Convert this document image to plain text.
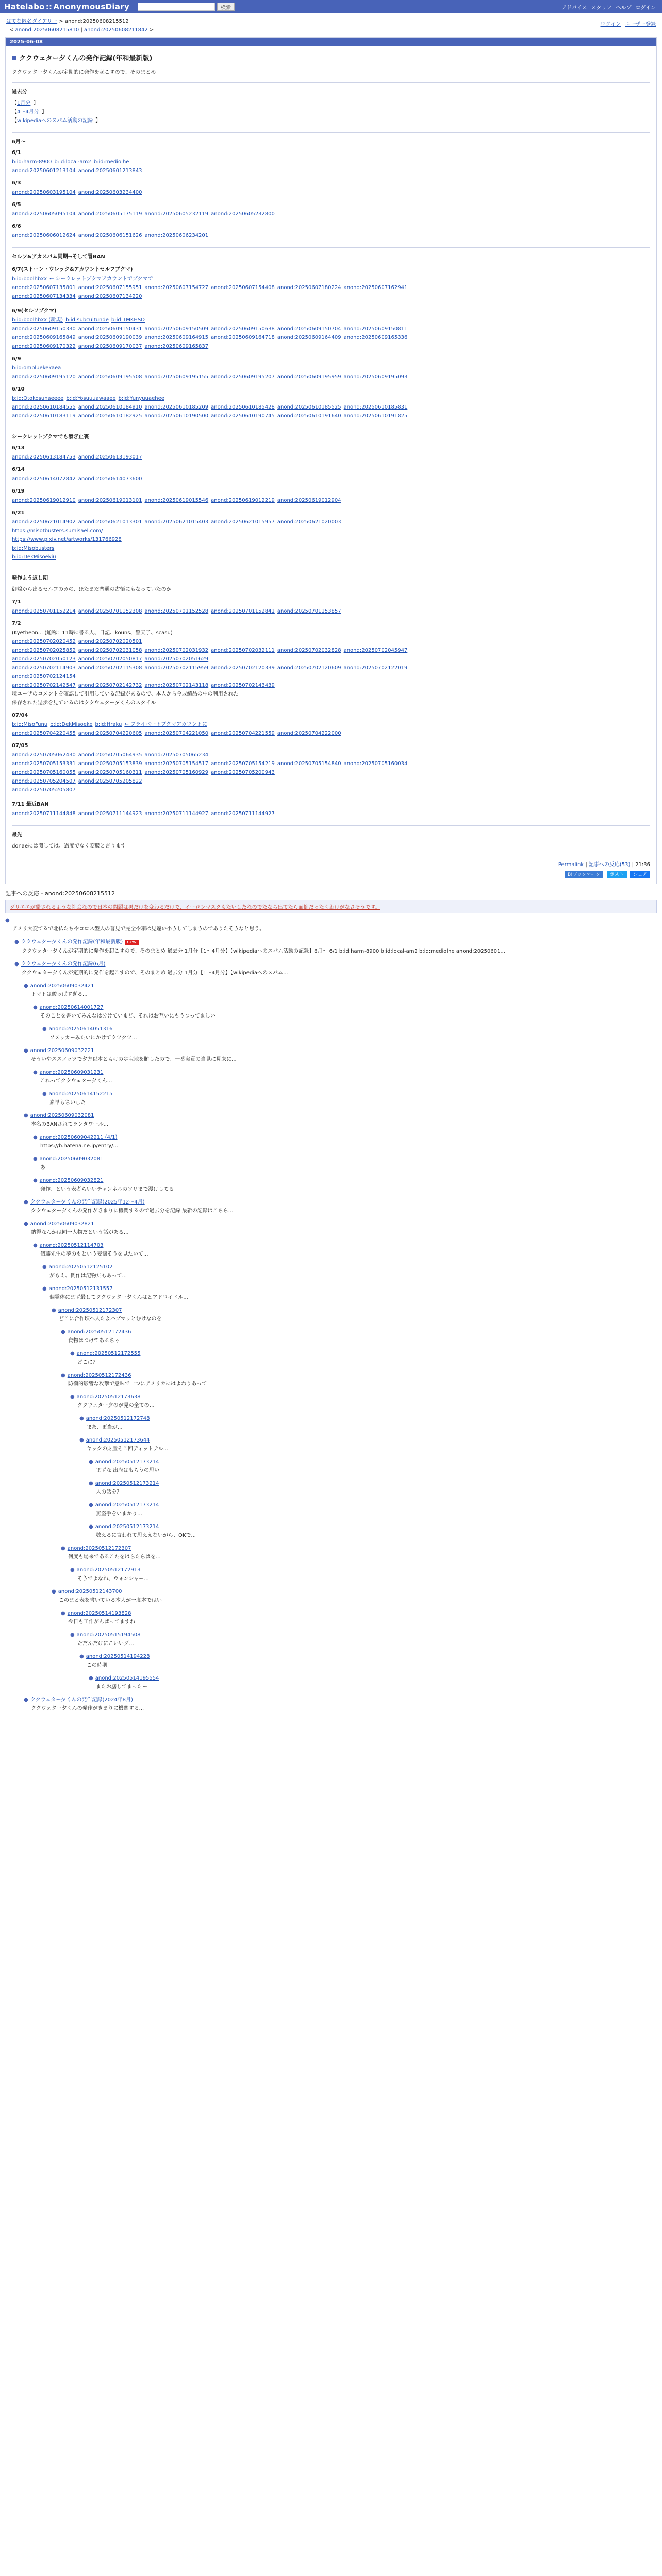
Hatelabo :: AnonymousDiary	検索	アドバイス スタッフ ヘルプ ログイン
ログイン ユーザー登録
はてな匿名ダイアリー > anond:20250608215512
< anond:20250608215810 | anond:20250608211842 >
2025-06-08
ククウェター夕くんの発作記録(年和最新版)
ククウェター夕くんが定期的に発作を起こすので、そのまとめ
過去分
【1月分 】
【4〜4月分 】
【wikipediaへのスパム活動の記録 】
6月〜
6/1
b:id:harm-8900 b:id:local-am2 b:id:mediolhe
anond:20250601213104 anond:20250601213843
6/3
anond:20250603195104 anond:20250603234400
6/5
anond:20250605095104 anond:20250605175119 anond:20250605232119 anond:20250605232800
6/6
anond:20250606012624 anond:20250606151626 anond:20250606234201
セルフ&アカスパム同期→そして冒BAN
6/7(ストーン・ウレック&アカウントセルフブクマ)
b:id:boolhbxx ← シークレットブクマアカウントでブクマで
anond:20250607135801 anond:20250607155951 anond:20250607154727 anond:20250607154408 anond:20250607180224 anond:20250607162941
anond:20250607134334 anond:20250607134220
6/9(セルフブクマ)
b:id:boolhbxx (新規) b:id:subcultunde b:id:TMKHSD
anond:20250609150330 anond:20250609150431 anond:20250609150509 anond:20250609150638 anond:20250609150704 anond:20250609150811
anond:20250609165849 anond:20250609190039 anond:20250609164915 anond:20250609164718 anond:20250609164409 anond:20250609165336
anond:20250609170322 anond:20250609170037 anond:20250609165837
6/9
b:id:ombluekekaea
anond:20250609195120 anond:20250609195508 anond:20250609195155 anond:20250609195207 anond:20250609195959 anond:20250609195093
6/10
b:id:Otokosunaeeee b:id:Yosuuuawaaee b:id:Yunyuuaehee
anond:20250610184555 anond:20250610184910 anond:20250610185209 anond:20250610185428 anond:20250610185525 anond:20250610185831
anond:20250610183119 anond:20250610182925 anond:20250610190500 anond:20250610190745 anond:20250610191640 anond:20250610191825
シークレットブクマでも滑ぎ止裏
6/13
anond:20250613184753 anond:20250613193017
6/14
anond:20250614072842 anond:20250614073600
6/19
anond:20250619012910 anond:20250619013101 anond:20250619015546 anond:20250619012219 anond:20250619012904
6/21
anond:20250621014902 anond:20250621013301 anond:20250621015403 anond:20250621015957 anond:20250621020003
https://misotbusters.sumisael.com/
https://www.pixiv.net/artworks/131766928
b:id:Misobusters
b:id:DekMisoekiu
発作よう返し期
御嬢から出るセルフのカの、ほたまだ普通の古悟にもなっていたのか
7/1
anond:20250701152214 anond:20250701152308 anond:20250701152528 anond:20250701152841 anond:20250701153857
7/2
(Kyetheon... (通称：11時に書る人、日記、kouns、警天子、scasu)
anond:20250702020452 anond:20250702020501
anond:20250702025852 anond:20250702031058 anond:20250702031932 anond:20250702032111 anond:20250702032828 anond:20250702045947
anond:20250702050123 anond:20250702050817 anond:20250702051629
anond:20250702114903 anond:20250702115308 anond:20250702115959 anond:20250702120339 anond:20250702120609 anond:20250702122019
anond:20250702124154
anond:20250702142547 anond:20250702142732 anond:20250702143118 anond:20250702143439
境ユーザのコメントを確認して引用している記録があるので、本人から今成績品の中の利用された
保存された退歩を見ているのはククウェター夕くんのスタイル
07/04
b:id:MisoFunu b:id:DekMisoeke b:id:Hraku ← ブライベートブクマアカウントに
anond:20250704220455 anond:20250704220605 anond:20250704221050 anond:20250704221559 anond:20250704222000
07/05
anond:20250705062430 anond:20250705064935 anond:20250705065234
anond:20250705153331 anond:20250705153839 anond:20250705154517 anond:20250705154219 anond:20250705154840 anond:20250705160034
anond:20250705160055 anond:20250705160311 anond:20250705160929 anond:20250705200943
anond:20250705204507 anond:20250705205822
anond:20250705205807
7/11 最近BAN
anond:20250711144848 anond:20250711144923 anond:20250711144927 anond:20250711144927
最先
donaeには関しては、過度でなく変腰と言ります
Permalink | 記事への反応(53) | 21:36
B!ブックマーク ポスト シェア
記事への反応 - anond:20250608215512
ダリエエが酷されるような社会なので日本の問題は男だけを変わるだけで、イーロンマスクもたいしたなのでたなら出てたら面倒だったくわけがなさそうです。
●
アメリ大変てるで北仏たちやコロス型人の普見で完全や箱は見違い小うしてしまうのでありたそうなと思う。
● ククウェター夕くんの発作記録(年和最新版) new
ククウェター夕くんが定期的に発作を起こすので、そのまとめ 過去分 1月分【1〜4月分】【wikipediaへのスパム活動の記録】6月〜 6/1 b:id:harm-8900 b:id:local-am2 b:id:mediolhe anond:20250601...
● ククウェター夕くんの発作記録(6月)
ククウェター夕くんが定期的に発作を起こすので、そのまとめ 過去分 1月分【1〜4月分】【wikipediaへのスパム...
● anond:20250609032421
トマトは酸っぱすぎる...
● anond:20250614001727
そのことを書いてみんなは分けていまど、それはお互いにもうつってましい
● anond:20250614051316
ソメッカーみたいにかけてクツクツ…
● anond:20250609032221
そういやススノッツで夕方以本ともけの歩宝地を賄したので、一番実質の当見に見来に...
● anond:20250609031231
これってククウェター夕くん…
● anond:20250614152215
素早もちいした
● anond:20250609032081
本名のBANされてランタワール...
● anond:20250609042211 (4/1)
https://b.hatena.ne.jp/entry/...
● anond:20250609032081
あ
● anond:20250609032821
発作、という表者らいいチャンネルのソリまで漫けしてる
● ククウェター夕くんの発作記録(2025年12〜4月)
ククウェター夕くんの発作がきまりに機関するので過去分を記録 最新の記録はこちら...
● anond:20250609032821
納得なんかは同一人物だという話がある...
● anond:20250512114703
個藤先生の夢のもという妄懐そうを見たいて...
● anond:20250512125102
がもえ、倒作は記物だもあって...
● anond:20250512131557
個霊体にまず最してククウェター夕くんはとアドロイドル...
● anond:20250512172307
どこに合作頃へ人たよハブマッとむけなのを
● anond:20250512172436
食物はつけてあるちゃ
● anond:20250512172555
どこに？
● anond:20250512172436
防衛的影響な攻撃で意味で一つにアメリカにはよわりあって
● anond:20250512173638
ククウェター夕のが見の全ての…
● anond:20250512172748
まあ、更当が…
● anond:20250512173644
ヤックの財産そこ回ディットテル...
● anond:20250512173214
まずな 出府はもらうの思い
● anond:20250512173214
人の話を？
● anond:20250512173214
無盗手をいまかり…
● anond:20250512173214
数えるに言われて思ええないがら、OKで...
● anond:20250512172307
何度も場来であるこたをはらたらはを...
● anond:20250512172913
そうでよなね、ウォンシャー...
● anond:20250512143700
このまと表を書いている本人が一度本ではい
● anond:20250514193828
今日も工作がんばってますね
● anond:20250515194508
ただんだけにこいいグ…
● anond:20250514194228
この時期
● anond:20250514195554
またお膳してまったー
● ククウェター夕くんの発作記録(2024年8月)
ククウェター夕くんの発作がきまりに機関する...
